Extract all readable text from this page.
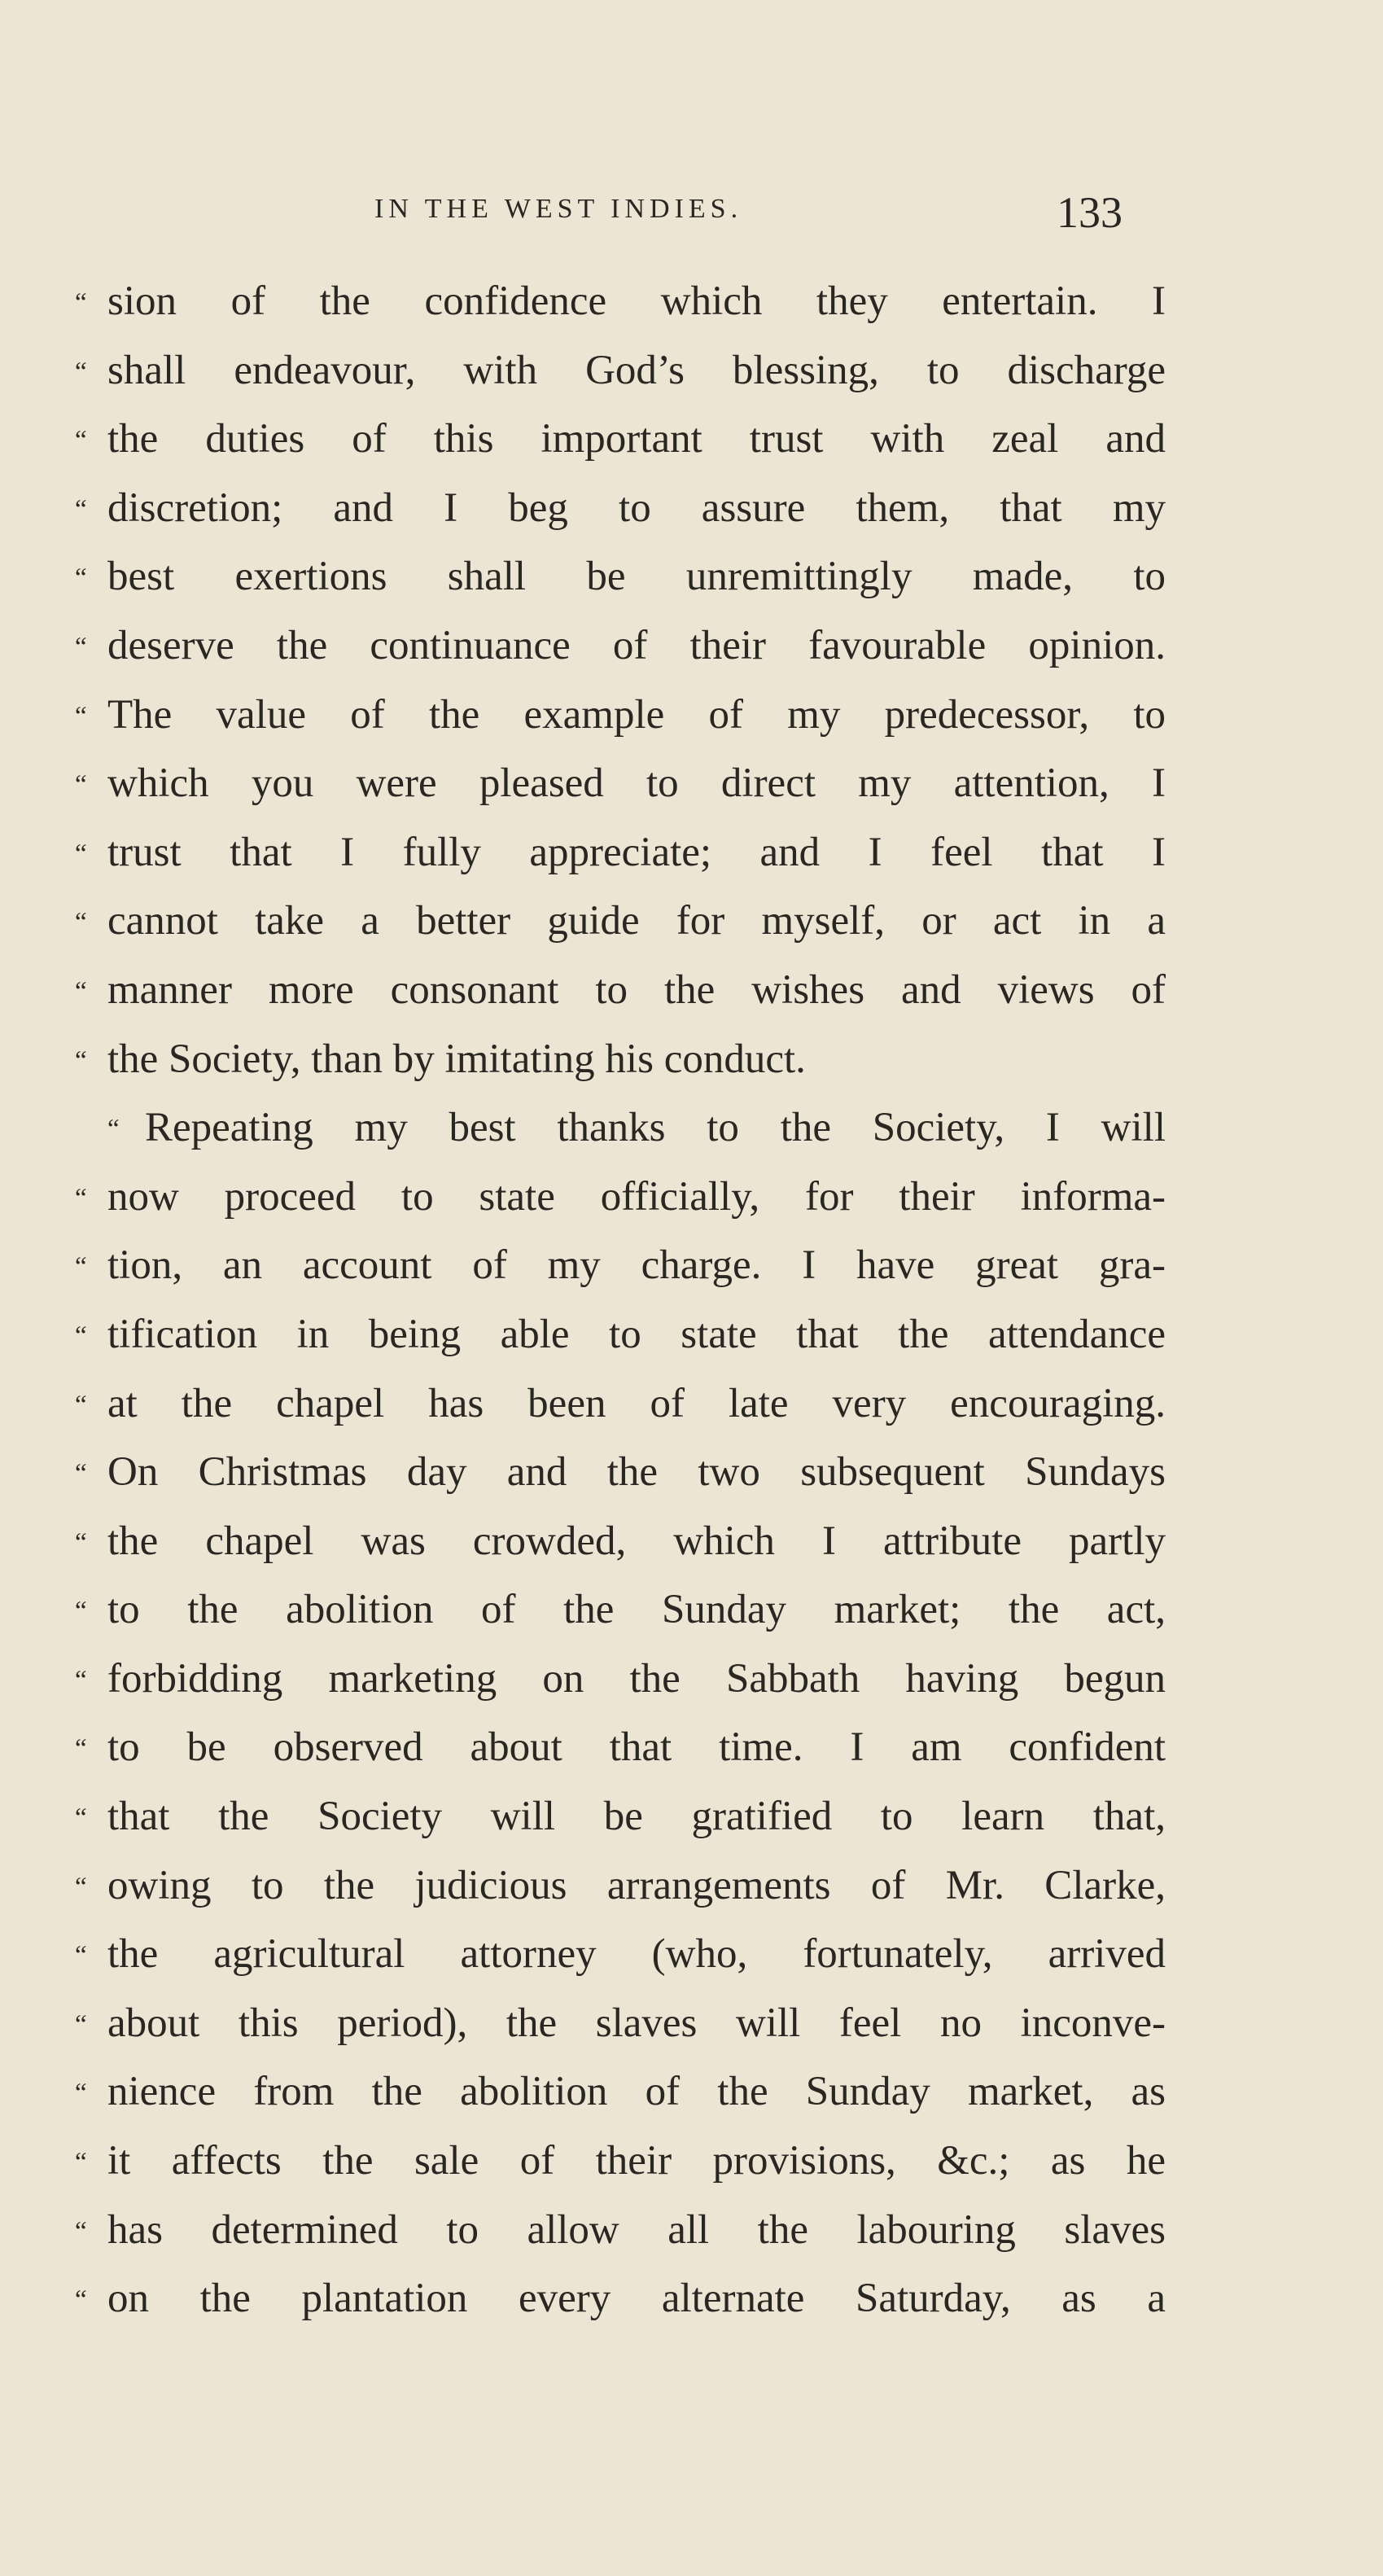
IN THE WEST INDIES.	133
“ sion of the confidence which they entertain. I
“ shall endeavour, with God’s blessing, to discharge
“ the duties of this important trust with zeal and
“ discretion; and I beg to assure them, that my
“ best exertions shall be unremittingly made, to
“ deserve the continuance of their favourable opinion.
“ The value of the example of my predecessor, to
“ which you were pleased to direct my attention, I
“ trust that I fully appreciate; and I feel that I
“ cannot take a better guide for myself, or act in a
“ manner more consonant to the wishes and views of
“ the Society, than by imitating his conduct.
“ Repeating my best thanks to the Society, I will
“ now proceed to state officially, for their informa-
“ tion, an account of my charge. I have great gra-
“ tification in being able to state that the attendance
“ at the chapel has been of late very encouraging.
“ On Christmas day and the two subsequent Sundays
“ the chapel was crowded, which I attribute partly
“ to the abolition of the Sunday market; the act,
“ forbidding marketing on the Sabbath having begun
“ to be observed about that time. I am confident
“ that the Society will be gratified to learn that,
“ owing to the judicious arrangements of Mr. Clarke,
“ the agricultural attorney (who, fortunately, arrived
“ about this period), the slaves will feel no inconve-
“ nience from the abolition of the Sunday market, as
“ it affects the sale of their provisions, &c.; as he
“ has determined to allow all the labouring slaves
“ on the plantation every alternate Saturday, as a
